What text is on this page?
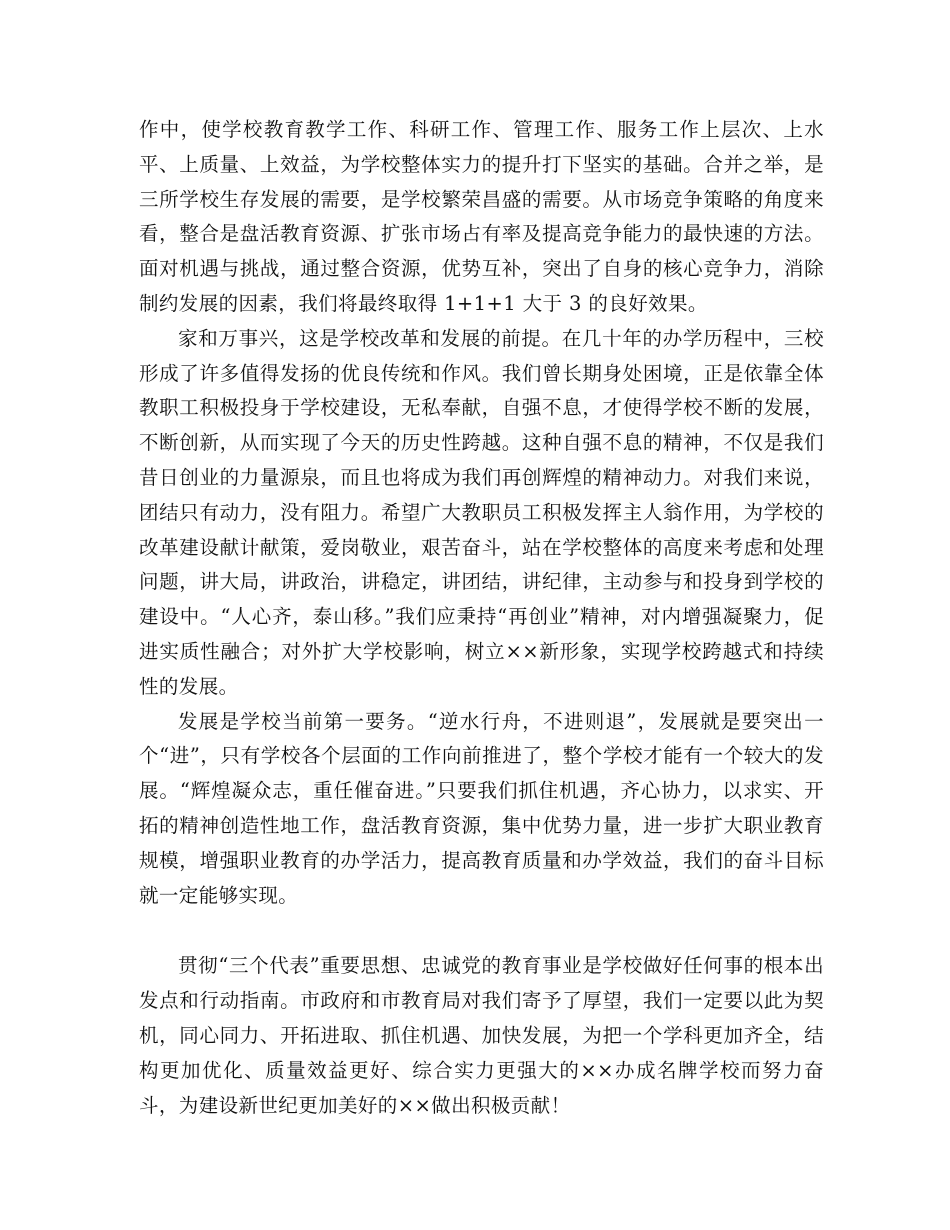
作中，使学校教育教学工作、科研工作、管理工作、服务工作上层次、上水平、上质量、上效益，为学校整体实力的提升打下坚实的基础。合并之举，是三所学校生存发展的需要，是学校繁荣昌盛的需要。从市场竞争策略的角度来看，整合是盘活教育资源、扩张市场占有率及提高竞争能力的最快速的方法。面对机遇与挑战，通过整合资源，优势互补，突出了自身的核心竞争力，消除制约发展的因素，我们将最终取得 1+1+1 大于 3 的良好效果。

家和万事兴，这是学校改革和发展的前提。在几十年的办学历程中，三校形成了许多值得发扬的优良传统和作风。我们曾长期身处困境，正是依靠全体教职工积极投身于学校建设，无私奉献，自强不息，才使得学校不断的发展，不断创新，从而实现了今天的历史性跨越。这种自强不息的精神，不仅是我们昔日创业的力量源泉，而且也将成为我们再创辉煌的精神动力。对我们来说，团结只有动力，没有阻力。希望广大教职员工积极发挥主人翁作用，为学校的改革建设献计献策，爱岗敬业，艰苦奋斗，站在学校整体的高度来考虑和处理问题，讲大局，讲政治，讲稳定，讲团结，讲纪律，主动参与和投身到学校的建设中。“人心齐，泰山移。”我们应秉持“再创业”精神，对内增强凝聚力，促进实质性融合；对外扩大学校影响，树立××新形象，实现学校跨越式和持续性的发展。

发展是学校当前第一要务。“逆水行舟，不进则退”，发展就是要突出一个“进”，只有学校各个层面的工作向前推进了，整个学校才能有一个较大的发展。“辉煌凝众志，重任催奋进。”只要我们抓住机遇，齐心协力，以求实、开拓的精神创造性地工作，盘活教育资源，集中优势力量，进一步扩大职业教育规模，增强职业教育的办学活力，提高教育质量和办学效益，我们的奋斗目标就一定能够实现。

贯彻“三个代表”重要思想、忠诚党的教育事业是学校做好任何事的根本出发点和行动指南。市政府和市教育局对我们寄予了厚望，我们一定要以此为契机，同心同力、开拓进取、抓住机遇、加快发展，为把一个学科更加齐全，结构更加优化、质量效益更好、综合实力更强大的××办成名牌学校而努力奋斗，为建设新世纪更加美好的××做出积极贡献！
